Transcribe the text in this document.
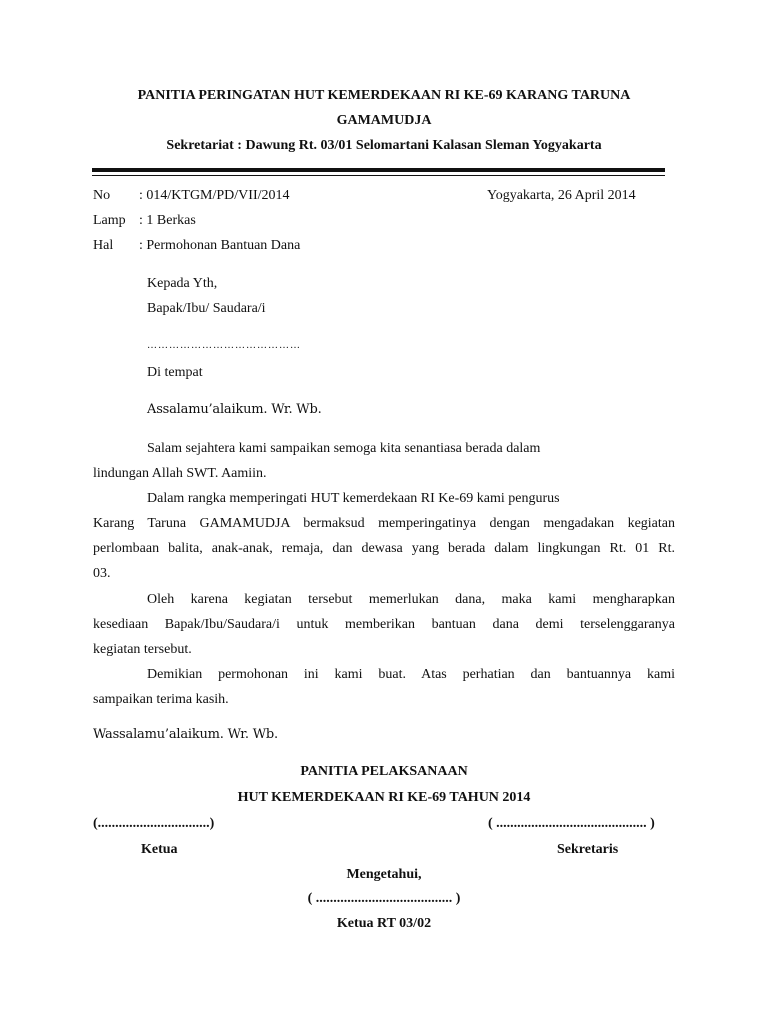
PANITIA PERINGATAN HUT KEMERDEKAAN RI KE-69 KARANG TARUNA
GAMAMUDJA
Sekretariat : Dawung Rt. 03/01 Selomartani Kalasan Sleman Yogyakarta
No : 014/KTGM/PD/VII/2014	Yogyakarta, 26 April 2014
Lamp : 1 Berkas
Hal : Permohonan Bantuan Dana
Kepada Yth,
Bapak/Ibu/ Saudara/i
……………………………………
Di tempat
Assalamu’alaikum. Wr. Wb.
Salam sejahtera kami sampaikan semoga kita senantiasa berada dalam
lindungan Allah SWT. Aamiin.
Dalam rangka memperingati HUT kemerdekaan RI Ke-69 kami pengurus
Karang Taruna GAMAMUDJA bermaksud memperingatinya dengan mengadakan kegiatan
perlombaan balita, anak-anak, remaja, dan dewasa yang berada dalam lingkungan Rt. 01 Rt.
03.
Oleh karena kegiatan tersebut memerlukan dana, maka kami mengharapkan
kesediaan Bapak/Ibu/Saudara/i untuk memberikan bantuan dana demi terselenggaranya
kegiatan tersebut.
Demikian permohonan ini kami buat. Atas perhatian dan bantuannya kami
sampaikan terima kasih.
Wassalamu’alaikum. Wr. Wb.
PANITIA PELAKSANAAN
HUT KEMERDEKAAN RI KE-69 TAHUN 2014
(................................)	( ........................................... )
Ketua	Sekretaris
Mengetahui,
( ....................................... )
Ketua RT 03/02
